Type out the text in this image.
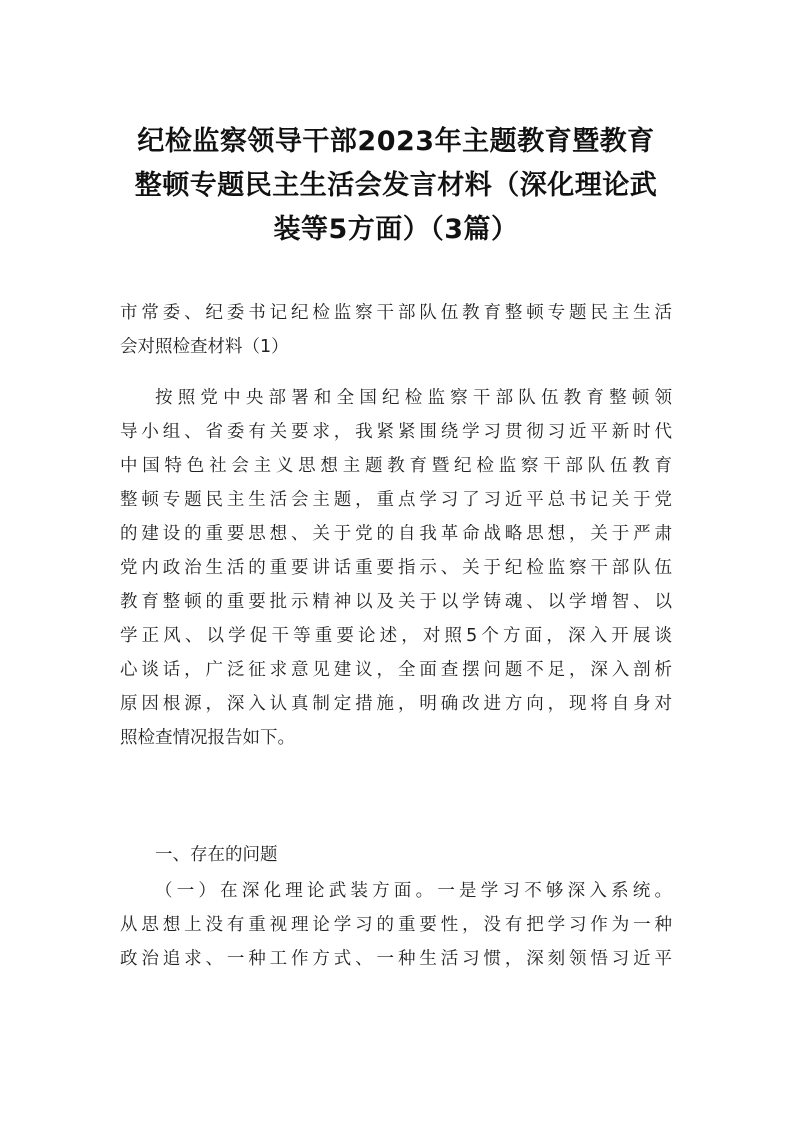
纪检监察领导干部2023年主题教育暨教育
整顿专题民主生活会发言材料（深化理论武
装等5方面）（3篇）
市常委、纪委书记纪检监察干部队伍教育整顿专题民主生活
会对照检查材料（1）
按照党中央部署和全国纪检监察干部队伍教育整顿领
导小组、省委有关要求，我紧紧围绕学习贯彻习近平新时代
中国特色社会主义思想主题教育暨纪检监察干部队伍教育
整顿专题民主生活会主题，重点学习了习近平总书记关于党
的建设的重要思想、关于党的自我革命战略思想，关于严肃
党内政治生活的重要讲话重要指示、关于纪检监察干部队伍
教育整顿的重要批示精神以及关于以学铸魂、以学增智、以
学正风、以学促干等重要论述，对照5个方面，深入开展谈
心谈话，广泛征求意见建议，全面查摆问题不足，深入剖析
原因根源，深入认真制定措施，明确改进方向，现将自身对
照检查情况报告如下。
一、存在的问题
（一）在深化理论武装方面。一是学习不够深入系统。
从思想上没有重视理论学习的重要性，没有把学习作为一种
政治追求、一种工作方式、一种生活习惯，深刻领悟习近平
